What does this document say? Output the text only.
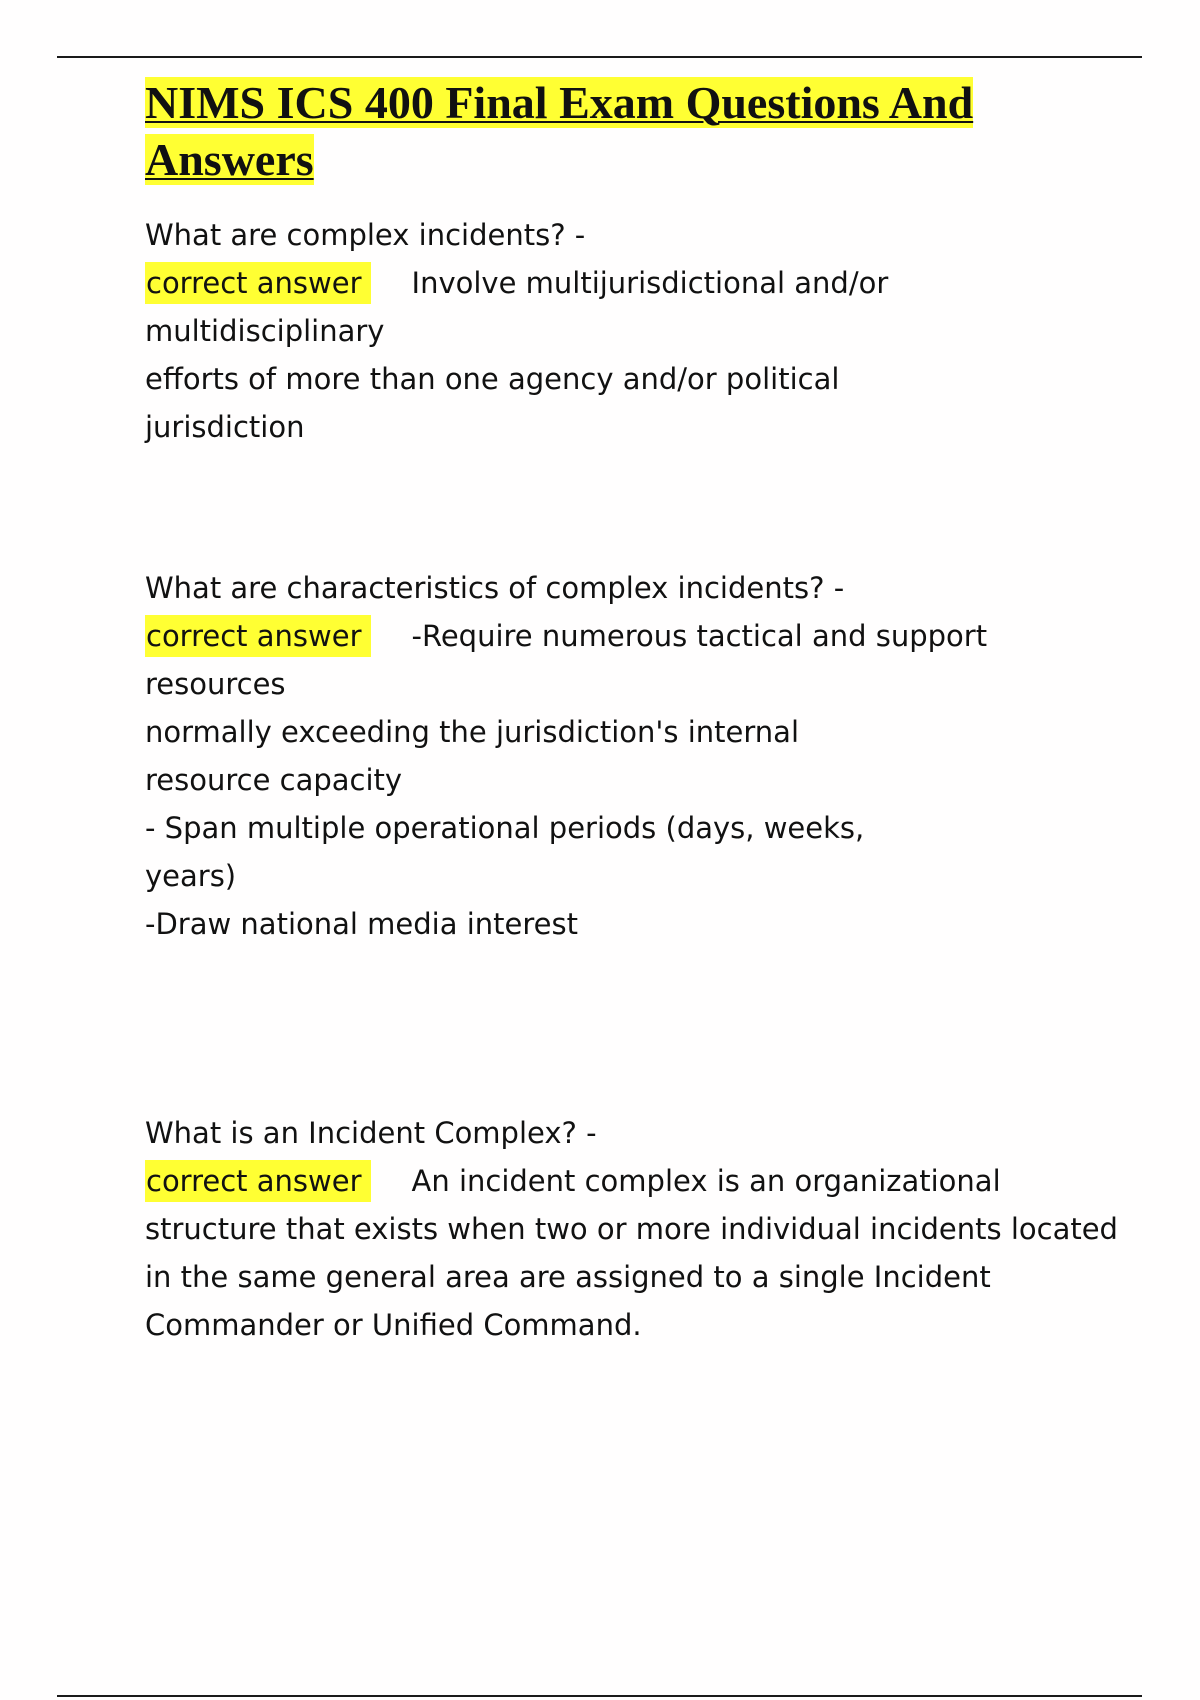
NIMS ICS 400 Final Exam Questions And
Answers

What are complex incidents? -

correct answer Involve multijurisdictional and/or

multidisciplinary

efforts of more than one agency and/or political

jurisdiction

What are characteristics of complex incidents? -

correct answer -Require numerous tactical and support

resources

normally exceeding the jurisdiction's internal

resource capacity

- Span multiple operational periods (days, weeks,

years)

-Draw national media interest

What is an Incident Complex? -

correct answer An incident complex is an organizational

structure that exists when two or more individual incidents located

in the same general area are assigned to a single Incident

Commander or Unified Command.
